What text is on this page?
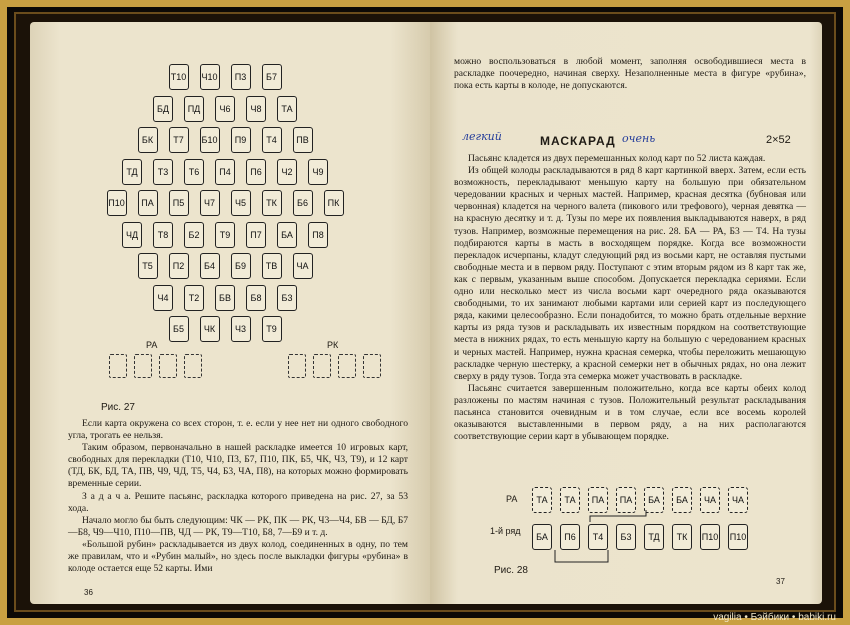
Т10 Ч10	П3	Б7
БД	ПД	Ч6	Ч8	ТА
БК	Т7	Б10	П9	Т4	ПВ
ТД	Т3	Т6	П4	П6	Ч2	Ч9
П10	ПА	П5	Ч7	Ч5	ТК	Б6	ПК
ЧД	Т8	Б2	Т9	П7	БА	П8
Т5	П2	Б4	Б9	ТВ	ЧА
Ч4	Т2	БВ	Б8	Б3
Б5	ЧК	Ч3	Т9
РА	РК
Рис. 27

Если карта окружена со всех сторон, т. е. если у нее нет ни одного свободного угла, трогать ее нельзя.

Таким образом, первоначально в нашей раскладке имеется 10 игровых карт, свободных для перекладки (Т10, Ч10, П3, Б7, П10, ПК, Б5, ЧК, Ч3, Т9), и 12 карт (ТД, БК, БД, ТА, ПВ, Ч9, ЧД, Т5, Ч4, Б3, ЧА, П8), на которых можно формировать временные серии.

З а д а ч а. Решите пасьянс, раскладка которого приведена на рис. 27, за 53 хода.

Начало могло бы быть следующим: ЧК — РК, ПК — РК, Ч3—Ч4, БВ — БД, Б7—Б8, Ч9—Ч10, П10—ПВ, ЧД — РК, Т9—Т10, Б8, 7—Б9 и т. д.

«Большой рубин» раскладывается из двух колод, соединенных в одну, по тем же правилам, что и «Рубин малый», но здесь после выкладки фигуры «рубина» в колоде остается еще 52 карты. Ими

36

можно воспользоваться в любой момент, заполняя освободившиеся места в раскладке поочередно, начиная сверху. Незаполненные места в фигуре «рубина», пока есть карты в колоде, не допускаются.

легкий	МАСКАРАД очень	2×52

Пасьянс кладется из двух перемешанных колод карт по 52 листа каждая.

Из общей колоды раскладываются в ряд 8 карт картинкой вверх. Затем, если есть возможность, перекладывают меньшую карту на большую при обязательном чередовании красных и черных мастей. Например, красная десятка (бубновая или червонная) кладется на черного валета (пикового или трефового), черная девятка — на красную десятку и т. д. Тузы по мере их появления выкладываются наверх, в ряд тузов. Например, возможные перемещения на рис. 28. БА — РА, Б3 — Т4. На тузы подбираются карты в масть в восходящем порядке. Когда все возможности перекладок исчерпаны, кладут следующий ряд из восьми карт, не оставляя пустыми свободные места и в первом ряду. Поступают с этим вторым рядом из 8 карт так же, как с первым, указанным выше способом. Допускается перекладка сериями. Если одно или несколько мест из числа восьми карт очередного ряда оказываются свободными, то их занимают любыми картами или серией карт из последующего ряда, какими целесообразно. Если понадобится, то можно брать отдельные верхние карты из ряда тузов и раскладывать их известным порядком на соответствующие места в нижних рядах, то есть меньшую карту на большую с чередованием красных и черных мастей. Например, нужна красная семерка, чтобы переложить мешающую раскладке черную шестерку, а красной семерки нет в обычных рядах, но она лежит сверху в ряду тузов. Тогда эта семерка может участвовать в раскладке.

Пасьянс считается завершенным положительно, когда все карты обеих колод разложены по мастям начиная с тузов. Положительный результат раскладывания пасьянса становится очевидным и в том случае, если все восемь королей оказываются выставленными в первом ряду, а на них располагаются соответствующие серии карт в убывающем порядке.

РА	ТА	ТА	ПА	ПА	БА	БА	ЧА	ЧА
1-й ряд
БА	П6	Т4	Б3	ТД	ТК	П10 П10
Рис. 28
37
vagilia • Бэйбики • babiki.ru
